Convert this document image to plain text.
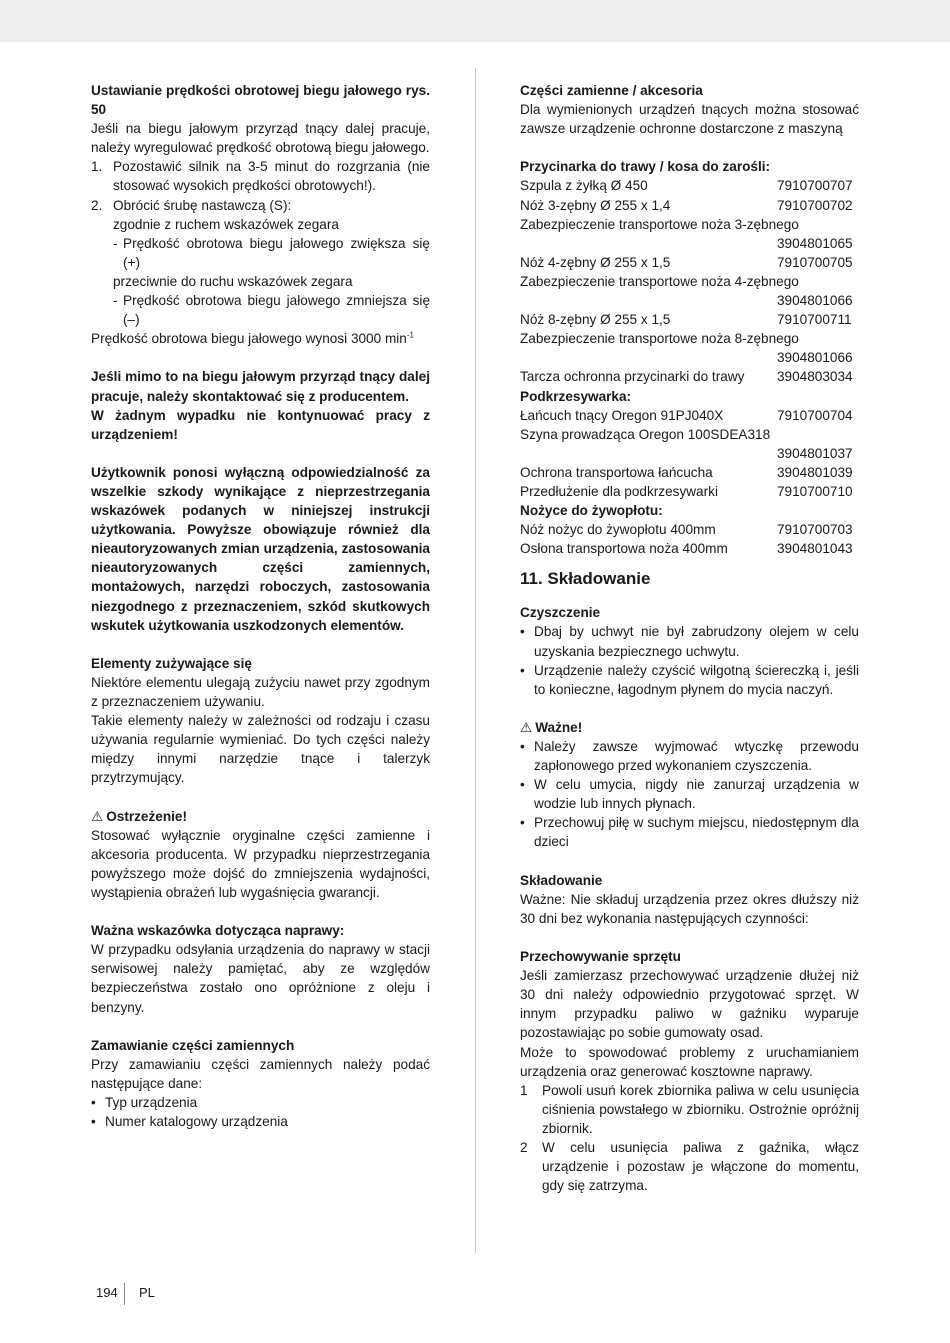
Ustawianie prędkości obrotowej biegu jałowego rys. 50

Jeśli na biegu jałowym przyrząd tnący dalej pracuje, należy wyregulować prędkość obrotową biegu jałowego.

1. Pozostawić silnik na 3-5 minut do rozgrzania (nie stosować wysokich prędkości obrotowych!).
2. Obrócić śrubę nastawczą (S):
zgodnie z ruchem wskazówek zegara
- Prędkość obrotowa biegu jałowego zwiększa się (+)
przeciwnie do ruchu wskazówek zegara
- Prędkość obrotowa biegu jałowego zmniejsza się (–)

Prędkość obrotowa biegu jałowego wynosi 3000 $\min^{-1}$

Jeśli mimo to na biegu jałowym przyrząd tnący dalej pracuje, należy skontaktować się z producentem.

W żadnym wypadku nie kontynuować pracy z urządzeniem!

Użytkownik ponosi wyłączną odpowiedzialność za wszelkie szkody wynikające z nieprzestrzegania wskazówek podanych w niniejszej instrukcji użytkowania. Powyższe obowiązuje również dla nieautoryzowanych zmian urządzenia, zastosowania nieautoryzowanych części zamiennych, montażowych, narzędzi roboczych, zastosowania niezgodnego z przeznaczeniem, szkód skutkowych wskutek użytkowania uszkodzonych elementów.

Elementy zużywające się

Niektóre elementu ulegają zużyciu nawet przy zgodnym z przeznaczeniem używaniu.

Takie elementy należy w zależności od rodzaju i czasu używania regularnie wymieniać. Do tych części należy między innymi narzędzie tnące i talerzyk przytrzymujący.

⚠ Ostrzeżenie!

Stosować wyłącznie oryginalne części zamienne i akcesoria producenta. W przypadku nieprzestrzegania powyższego może dojść do zmniejszenia wydajności, wystąpienia obrażeń lub wygaśnięcia gwarancji.

Ważna wskazówka dotycząca naprawy:

W przypadku odsyłania urządzenia do naprawy w stacji serwisowej należy pamiętać, aby ze względów bezpieczeństwa zostało ono opróżnione z oleju i benzyny.

Zamawianie części zamiennych

Przy zamawianiu części zamiennych należy podać następujące dane:

• Typ urządzenia
• Numer katalogowy urządzenia

Części zamienne / akcesoria

Dla wymienionych urządzeń tnących można stosować zawsze urządzenie ochronne dostarczone z maszyną

Przycinarka do trawy / kosa do zarośli:

Szpula z żyłką Ø 450	7910700707
Nóż 3-zębny Ø 255 x 1,4	7910700702
Zabezpieczenie transportowe noża 3-zębnego
3904801065
Nóż 4-zębny Ø 255 x 1,5	7910700705
Zabezpieczenie transportowe noża 4-zębnego
3904801066
Nóż 8-zębny Ø 255 x 1,5	7910700711
Zabezpieczenie transportowe noża 8-zębnego
3904801066
Tarcza ochronna przycinarki do trawy 3904803034

Podkrzesywarka:

Łańcuch tnący Oregon 91PJ040X	7910700704
Szyna prowadząca Oregon 100SDEA318
3904801037
Ochrona transportowa łańcucha	3904801039
Przedłużenie dla podkrzesywarki	7910700710

Nożyce do żywopłotu:

Nóż nożyc do żywopłotu 400mm	7910700703
Osłona transportowa noża 400mm	3904801043
11. Składowanie

Czyszczenie

• Dbaj by uchwyt nie był zabrudzony olejem w celu uzyskania bezpiecznego uchwytu.
• Urządzenie należy czyścić wilgotną ściereczką i, jeśli to konieczne, łagodnym płynem do mycia naczyń.

⚠ Ważne!

• Należy zawsze wyjmować wtyczkę przewodu zapłonowego przed wykonaniem czyszczenia.
• W celu umycia, nigdy nie zanurzaj urządzenia w wodzie lub innych płynach.
• Przechowuj piłę w suchym miejscu, niedostępnym dla dzieci

Składowanie

Ważne: Nie składuj urządzenia przez okres dłuższy niż 30 dni bez wykonania następujących czynności:

Przechowywanie sprzętu

Jeśli zamierzasz przechowywać urządzenie dłużej niż 30 dni należy odpowiednio przygotować sprzęt. W innym przypadku paliwo w gaźniku wyparuje pozostawiając po sobie gumowaty osad.

Może to spowodować problemy z uruchamianiem urządzenia oraz generować kosztowne naprawy.

1	Powoli usuń korek zbiornika paliwa w celu usunięcia ciśnienia powstałego w zbiorniku. Ostrożnie opróżnij zbiornik.
2	W celu usunięcia paliwa z gaźnika, włącz urządzenie i pozostaw je włączone do momentu, gdy się zatrzyma.
194 PL
